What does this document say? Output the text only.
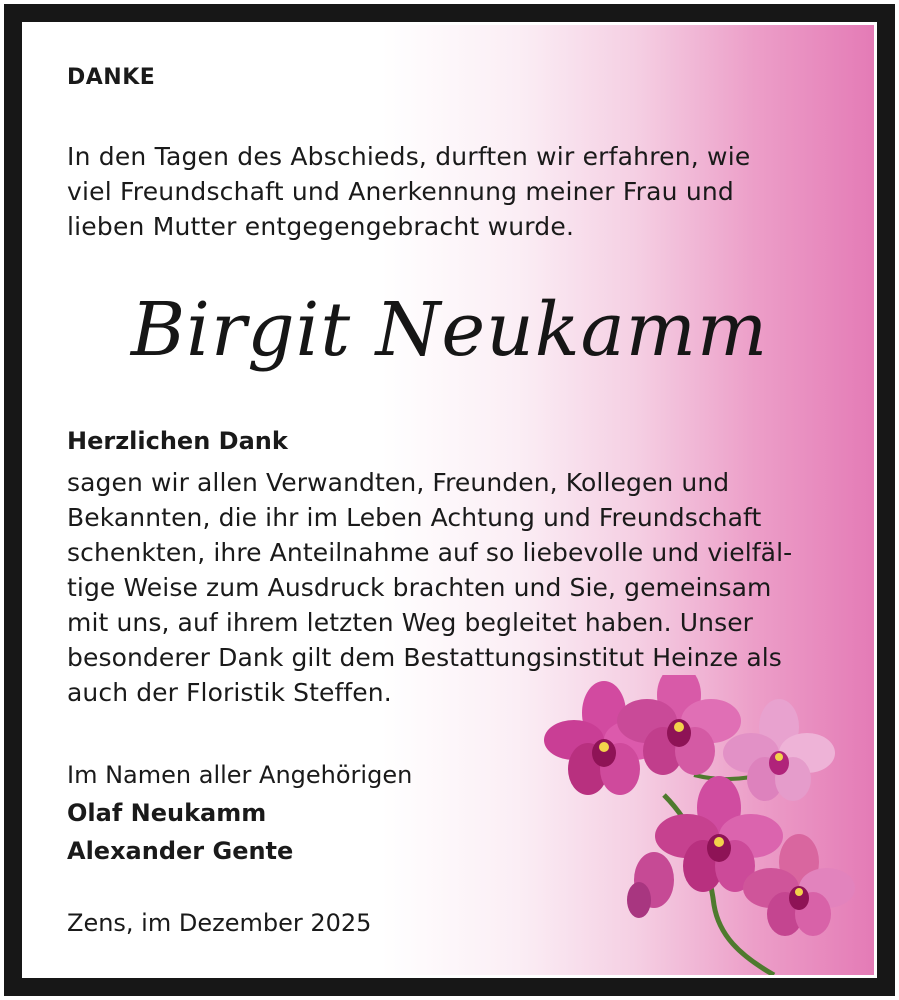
DANKE
In den Tagen des Abschieds, durften wir erfahren, wie
viel Freundschaft und Anerkennung meiner Frau und
lieben Mutter entgegengebracht wurde.
Birgit Neukamm
Herzlichen Dank
sagen wir allen Verwandten, Freunden, Kollegen und
Bekannten, die ihr im Leben Achtung und Freundschaft
schenkten, ihre Anteilnahme auf so liebevolle und vielfäl-
tige Weise zum Ausdruck brachten und Sie, gemeinsam
mit uns, auf ihrem letzten Weg begleitet haben. Unser
besonderer Dank gilt dem Bestattungsinstitut Heinze als
auch der Floristik Steffen.
Im Namen aller Angehörigen
Olaf Neukamm
Alexander Gente
Zens, im Dezember 2025
